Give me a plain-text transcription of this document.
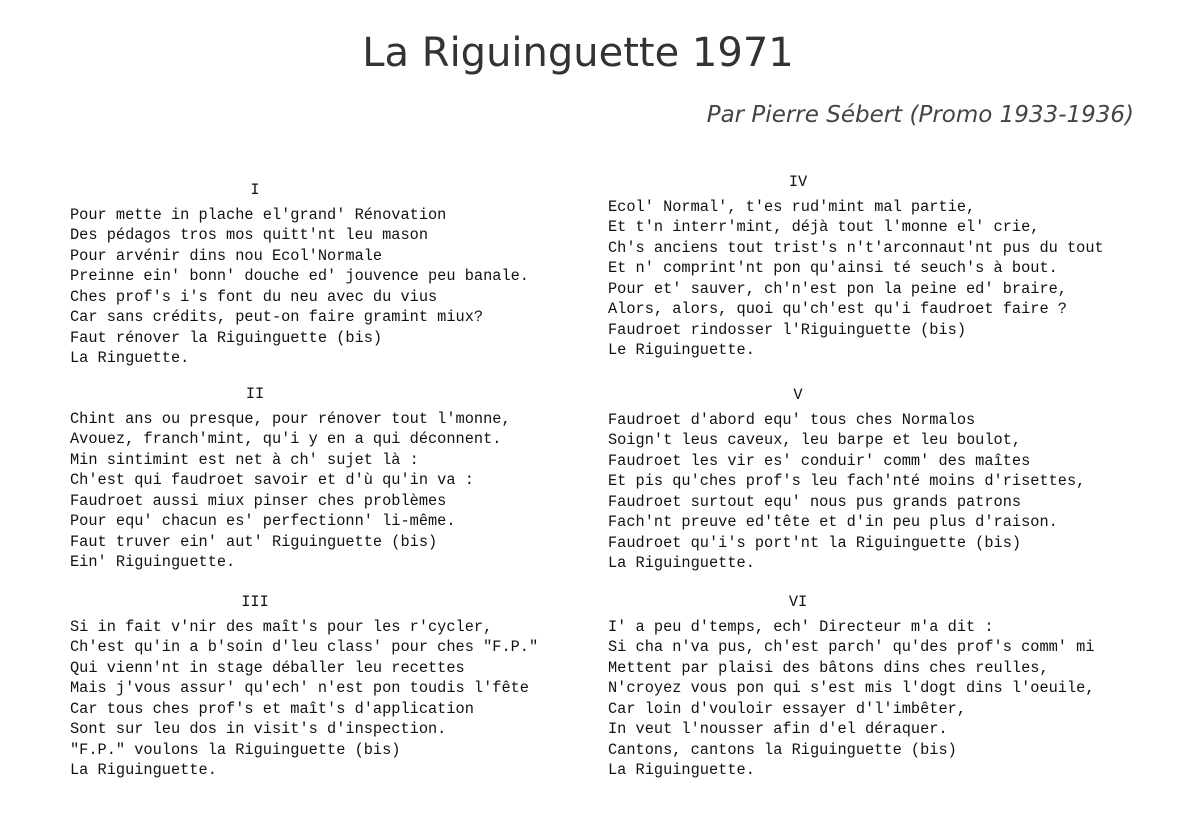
La Riguinguette 1971
Par Pierre Sébert (Promo 1933-1936)
I
Pour mette in plache el'grand' Rénovation
Des pédagos tros mos quitt'nt leu mason
Pour arvénir dins nou Ecol'Normale
Preinne ein' bonn' douche ed' jouvence peu banale.
Ches prof's i's font du neu avec du vius
Car sans crédits, peut-on faire gramint miux?
Faut rénover la Riguinguette (bis)
La Ringuette.
II
Chint ans ou presque, pour rénover tout l'monne,
Avouez, franch'mint, qu'i y en a qui déconnent.
Min sintimint est net à ch' sujet là :
Ch'est qui faudroet savoir et d'ù qu'in va :
Faudroet aussi miux pinser ches problèmes
Pour equ' chacun es' perfectionn' li-même.
Faut truver ein' aut' Riguinguette (bis)
Ein' Riguinguette.
III
Si in fait v'nir des maît's pour les r'cycler,
Ch'est qu'in a b'soin d'leu class' pour ches "F.P."
Qui vienn'nt in stage déballer leu recettes
Mais j'vous assur' qu'ech' n'est pon toudis l'fête
Car tous ches prof's et maît's d'application
Sont sur leu dos in visit's d'inspection.
"F.P." voulons la Riguinguette (bis)
La Riguinguette.
IV
Ecol' Normal', t'es rud'mint mal partie,
Et t'n interr'mint, déjà tout l'monne el' crie,
Ch's anciens tout trist's n't'arconnaut'nt pus du tout
Et n' comprint'nt pon qu'ainsi té seuch's à bout.
Pour et' sauver, ch'n'est pon la peine ed' braire,
Alors, alors, quoi qu'ch'est qu'i faudroet faire ?
Faudroet rindosser l'Riguinguette (bis)
Le Riguinguette.
V
Faudroet d'abord equ' tous ches Normalos
Soign't leus caveux, leu barpe et leu boulot,
Faudroet les vir es' conduir' comm' des maîtes
Et pis qu'ches prof's leu fach'nté moins d'risettes,
Faudroet surtout equ' nous pus grands patrons
Fach'nt preuve ed'tête et d'in peu plus d'raison.
Faudroet qu'i's port'nt la Riguinguette (bis)
La Riguinguette.
VI
I' a peu d'temps, ech' Directeur m'a dit :
Si cha n'va pus, ch'est parch' qu'des prof's comm' mi
Mettent par plaisi des bâtons dins ches reulles,
N'croyez vous pon qui s'est mis l'dogt dins l'oeuile,
Car loin d'vouloir essayer d'l'imbêter,
In veut l'nousser afin d'el déraquer.
Cantons, cantons la Riguinguette (bis)
La Riguinguette.
